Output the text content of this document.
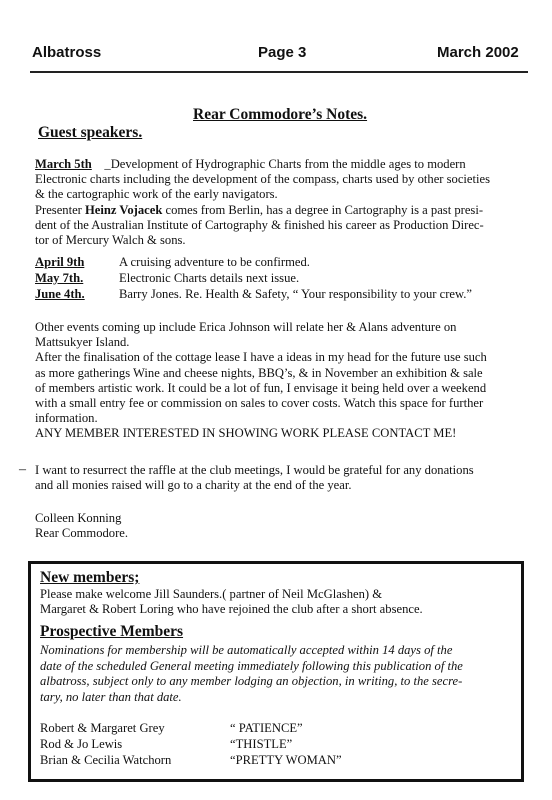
Albatross	Page 3	March 2002
Rear Commodore’s Notes.
Guest speakers.
March 5th _Development of Hydrographic Charts from the middle ages to modern
Electronic charts including the development of the compass, charts used by other societies
& the cartographic work of the early navigators.
Presenter Heinz Vojacek comes from Berlin, has a degree in Cartography is a past presi-
dent of the Australian Institute of Cartography & finished his career as Production Direc-
tor of Mercury Walch & sons.
April 9th	A cruising adventure to be confirmed.
May 7th.	Electronic Charts details next issue.
June 4th.	Barry Jones. Re. Health & Safety, “ Your responsibility to your crew.”
Other events coming up include Erica Johnson will relate her & Alans adventure on
Mattsukyer Island.
After the finalisation of the cottage lease I have a ideas in my head for the future use such
as more gatherings Wine and cheese nights, BBQ’s, & in November an exhibition & sale
of members artistic work. It could be a lot of fun, I envisage it being held over a weekend
with a small entry fee or commission on sales to cover costs. Watch this space for further
information.
ANY MEMBER INTERESTED IN SHOWING WORK PLEASE CONTACT ME!
– I want to resurrect the raffle at the club meetings, I would be grateful for any donations
and all monies raised will go to a charity at the end of the year.
Colleen Konning
Rear Commodore.
New members;
Please make welcome Jill Saunders.( partner of Neil McGlashen) &
Margaret & Robert Loring who have rejoined the club after a short absence.
Prospective Members
Nominations for membership will be automatically accepted within 14 days of the
date of the scheduled General meeting immediately following this publication of the
albatross, subject only to any member lodging an objection, in writing, to the secre-
tary, no later than that date.
Robert & Margaret Grey	“ PATIENCE”
Rod & Jo Lewis	“THISTLE”
Brian & Cecilia Watchorn	“PRETTY WOMAN”
